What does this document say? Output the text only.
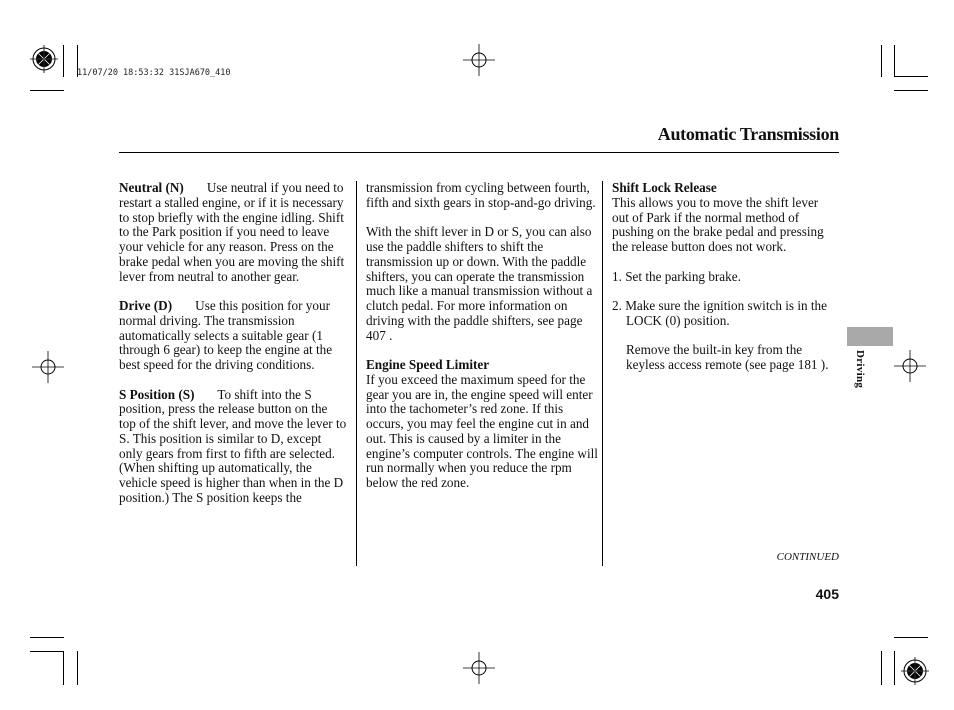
11/07/20 18:53:32 31SJA670_410
Automatic Transmission

Neutral (N) Use neutral if you need to restart a stalled engine, or if it is necessary to stop briefly with the engine idling. Shift to the Park position if you need to leave your vehicle for any reason. Press on the brake pedal when you are moving the shift lever from neutral to another gear.

Drive (D) Use this position for your normal driving. The transmission automatically selects a suitable gear (1 through 6 gear) to keep the engine at the best speed for the driving conditions.

S Position (S) To shift into the S position, press the release button on the top of the shift lever, and move the lever to S. This position is similar to D, except only gears from first to fifth are selected. (When shifting up automatically, the vehicle speed is higher than when in the D position.) The S position keeps the

transmission from cycling between fourth, fifth and sixth gears in stop-and-go driving.

With the shift lever in D or S, you can also use the paddle shifters to shift the transmission up or down. With the paddle shifters, you can operate the transmission much like a manual transmission without a clutch pedal. For more information on driving with the paddle shifters, see page 407 .

Engine Speed Limiter
If you exceed the maximum speed for the gear you are in, the engine speed will enter into the tachometer’s red zone. If this occurs, you may feel the engine cut in and out. This is caused by a limiter in the engine’s computer controls. The engine will run normally when you reduce the rpm below the red zone.

Shift Lock Release
This allows you to move the shift lever out of Park if the normal method of pushing on the brake pedal and pressing the release button does not work.

1. Set the parking brake.

2. Make sure the ignition switch is in the LOCK (0) position.

Remove the built-in key from the keyless access remote (see page 181 ).	Driving
CONTINUED
405
